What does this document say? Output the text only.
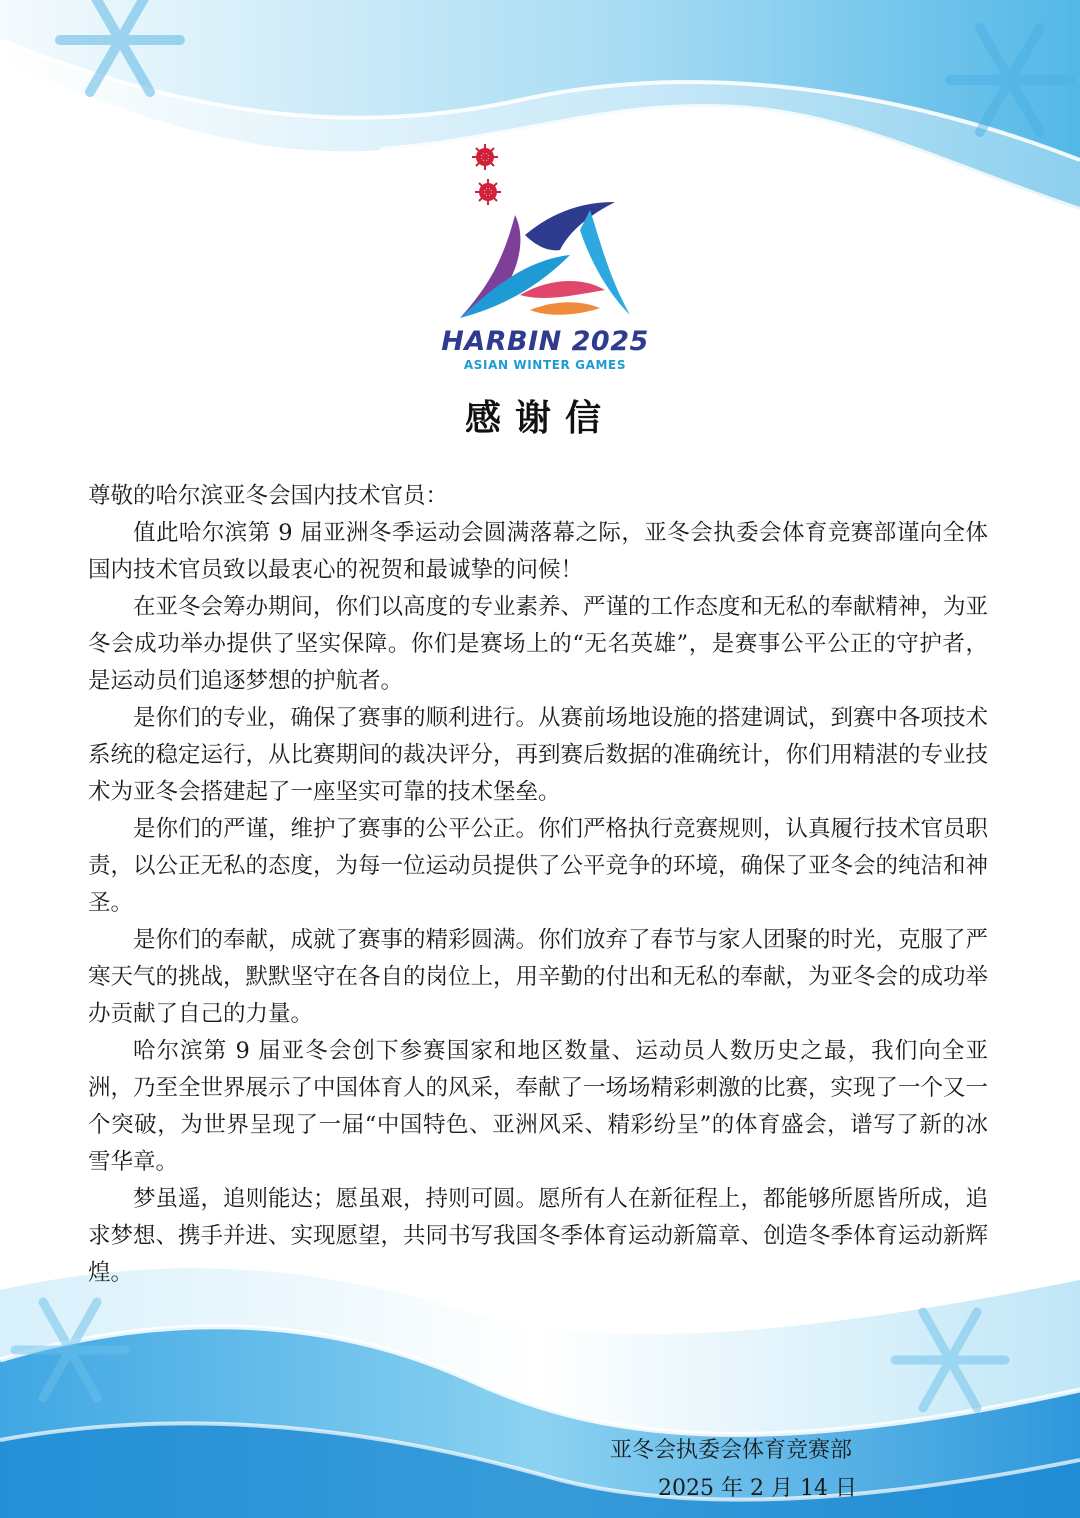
HARBIN 2025
ASIAN WINTER GAMES
感谢信

尊敬的哈尔滨亚冬会国内技术官员：

值此哈尔滨第 9 届亚洲冬季运动会圆满落幕之际，亚冬会执委会体育竞赛部谨向全体国内技术官员致以最衷心的祝贺和最诚挚的问候！

在亚冬会筹办期间，你们以高度的专业素养、严谨的工作态度和无私的奉献精神，为亚冬会成功举办提供了坚实保障。你们是赛场上的“无名英雄”，是赛事公平公正的守护者，是运动员们追逐梦想的护航者。

是你们的专业，确保了赛事的顺利进行。从赛前场地设施的搭建调试，到赛中各项技术系统的稳定运行，从比赛期间的裁决评分，再到赛后数据的准确统计，你们用精湛的专业技术为亚冬会搭建起了一座坚实可靠的技术堡垒。

是你们的严谨，维护了赛事的公平公正。你们严格执行竞赛规则，认真履行技术官员职责，以公正无私的态度，为每一位运动员提供了公平竞争的环境，确保了亚冬会的纯洁和神圣。

是你们的奉献，成就了赛事的精彩圆满。你们放弃了春节与家人团聚的时光，克服了严寒天气的挑战，默默坚守在各自的岗位上，用辛勤的付出和无私的奉献，为亚冬会的成功举办贡献了自己的力量。

哈尔滨第 9 届亚冬会创下参赛国家和地区数量、运动员人数历史之最，我们向全亚洲，乃至全世界展示了中国体育人的风采，奉献了一场场精彩刺激的比赛，实现了一个又一个突破，为世界呈现了一届“中国特色、亚洲风采、精彩纷呈”的体育盛会，谱写了新的冰雪华章。

梦虽遥，追则能达；愿虽艰，持则可圆。愿所有人在新征程上，都能够所愿皆所成，追求梦想、携手并进、实现愿望，共同书写我国冬季体育运动新篇章、创造冬季体育运动新辉煌。

亚冬会执委会体育竞赛部
2025 年 2 月 14 日
